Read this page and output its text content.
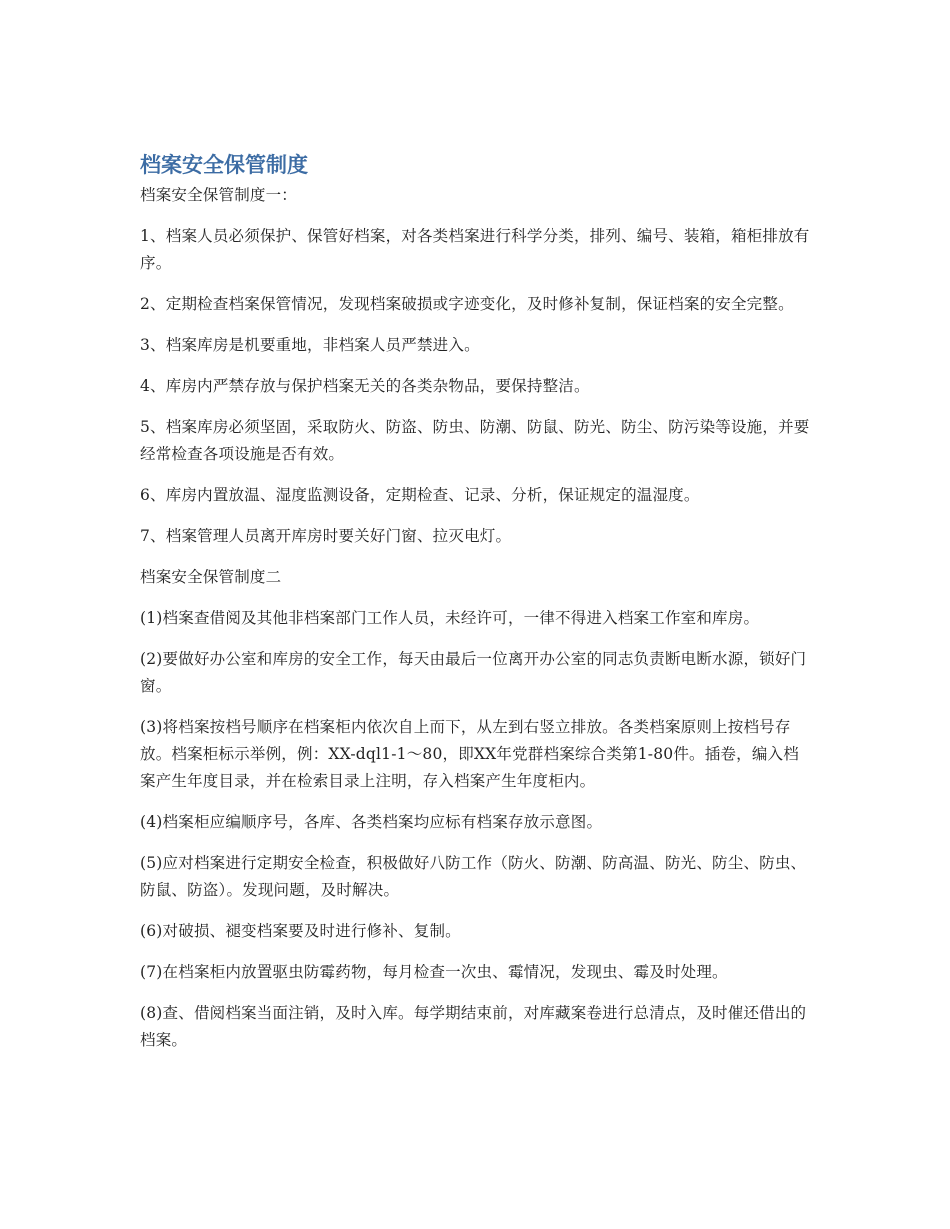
档案安全保管制度

档案安全保管制度一：

1、档案人员必须保护、保管好档案，对各类档案进行科学分类，排列、编号、装箱，箱柜排放有序。

2、定期检查档案保管情况，发现档案破损或字迹变化，及时修补复制，保证档案的安全完整。

3、档案库房是机要重地，非档案人员严禁进入。

4、库房内严禁存放与保护档案无关的各类杂物品，要保持整洁。

5、档案库房必须坚固，采取防火、防盗、防虫、防潮、防鼠、防光、防尘、防污染等设施，并要经常检查各项设施是否有效。

6、库房内置放温、湿度监测设备，定期检查、记录、分析，保证规定的温湿度。

7、档案管理人员离开库房时要关好门窗、拉灭电灯。

档案安全保管制度二

(1)档案查借阅及其他非档案部门工作人员，未经许可，一律不得进入档案工作室和库房。

(2)要做好办公室和库房的安全工作，每天由最后一位离开办公室的同志负责断电断水源，锁好门窗。

(3)将档案按档号顺序在档案柜内依次自上而下，从左到右竖立排放。各类档案原则上按档号存放。档案柜标示举例，例：XX-dql1-1～80，即XX年党群档案综合类第1-80件。插卷，编入档案产生年度目录，并在检索目录上注明，存入档案产生年度柜内。

(4)档案柜应编顺序号，各库、各类档案均应标有档案存放示意图。

(5)应对档案进行定期安全检查，积极做好八防工作（防火、防潮、防高温、防光、防尘、防虫、防鼠、防盗）。发现问题，及时解决。

(6)对破损、褪变档案要及时进行修补、复制。

(7)在档案柜内放置驱虫防霉药物，每月检查一次虫、霉情况，发现虫、霉及时处理。

(8)查、借阅档案当面注销，及时入库。每学期结束前，对库藏案卷进行总清点，及时催还借出的档案。
